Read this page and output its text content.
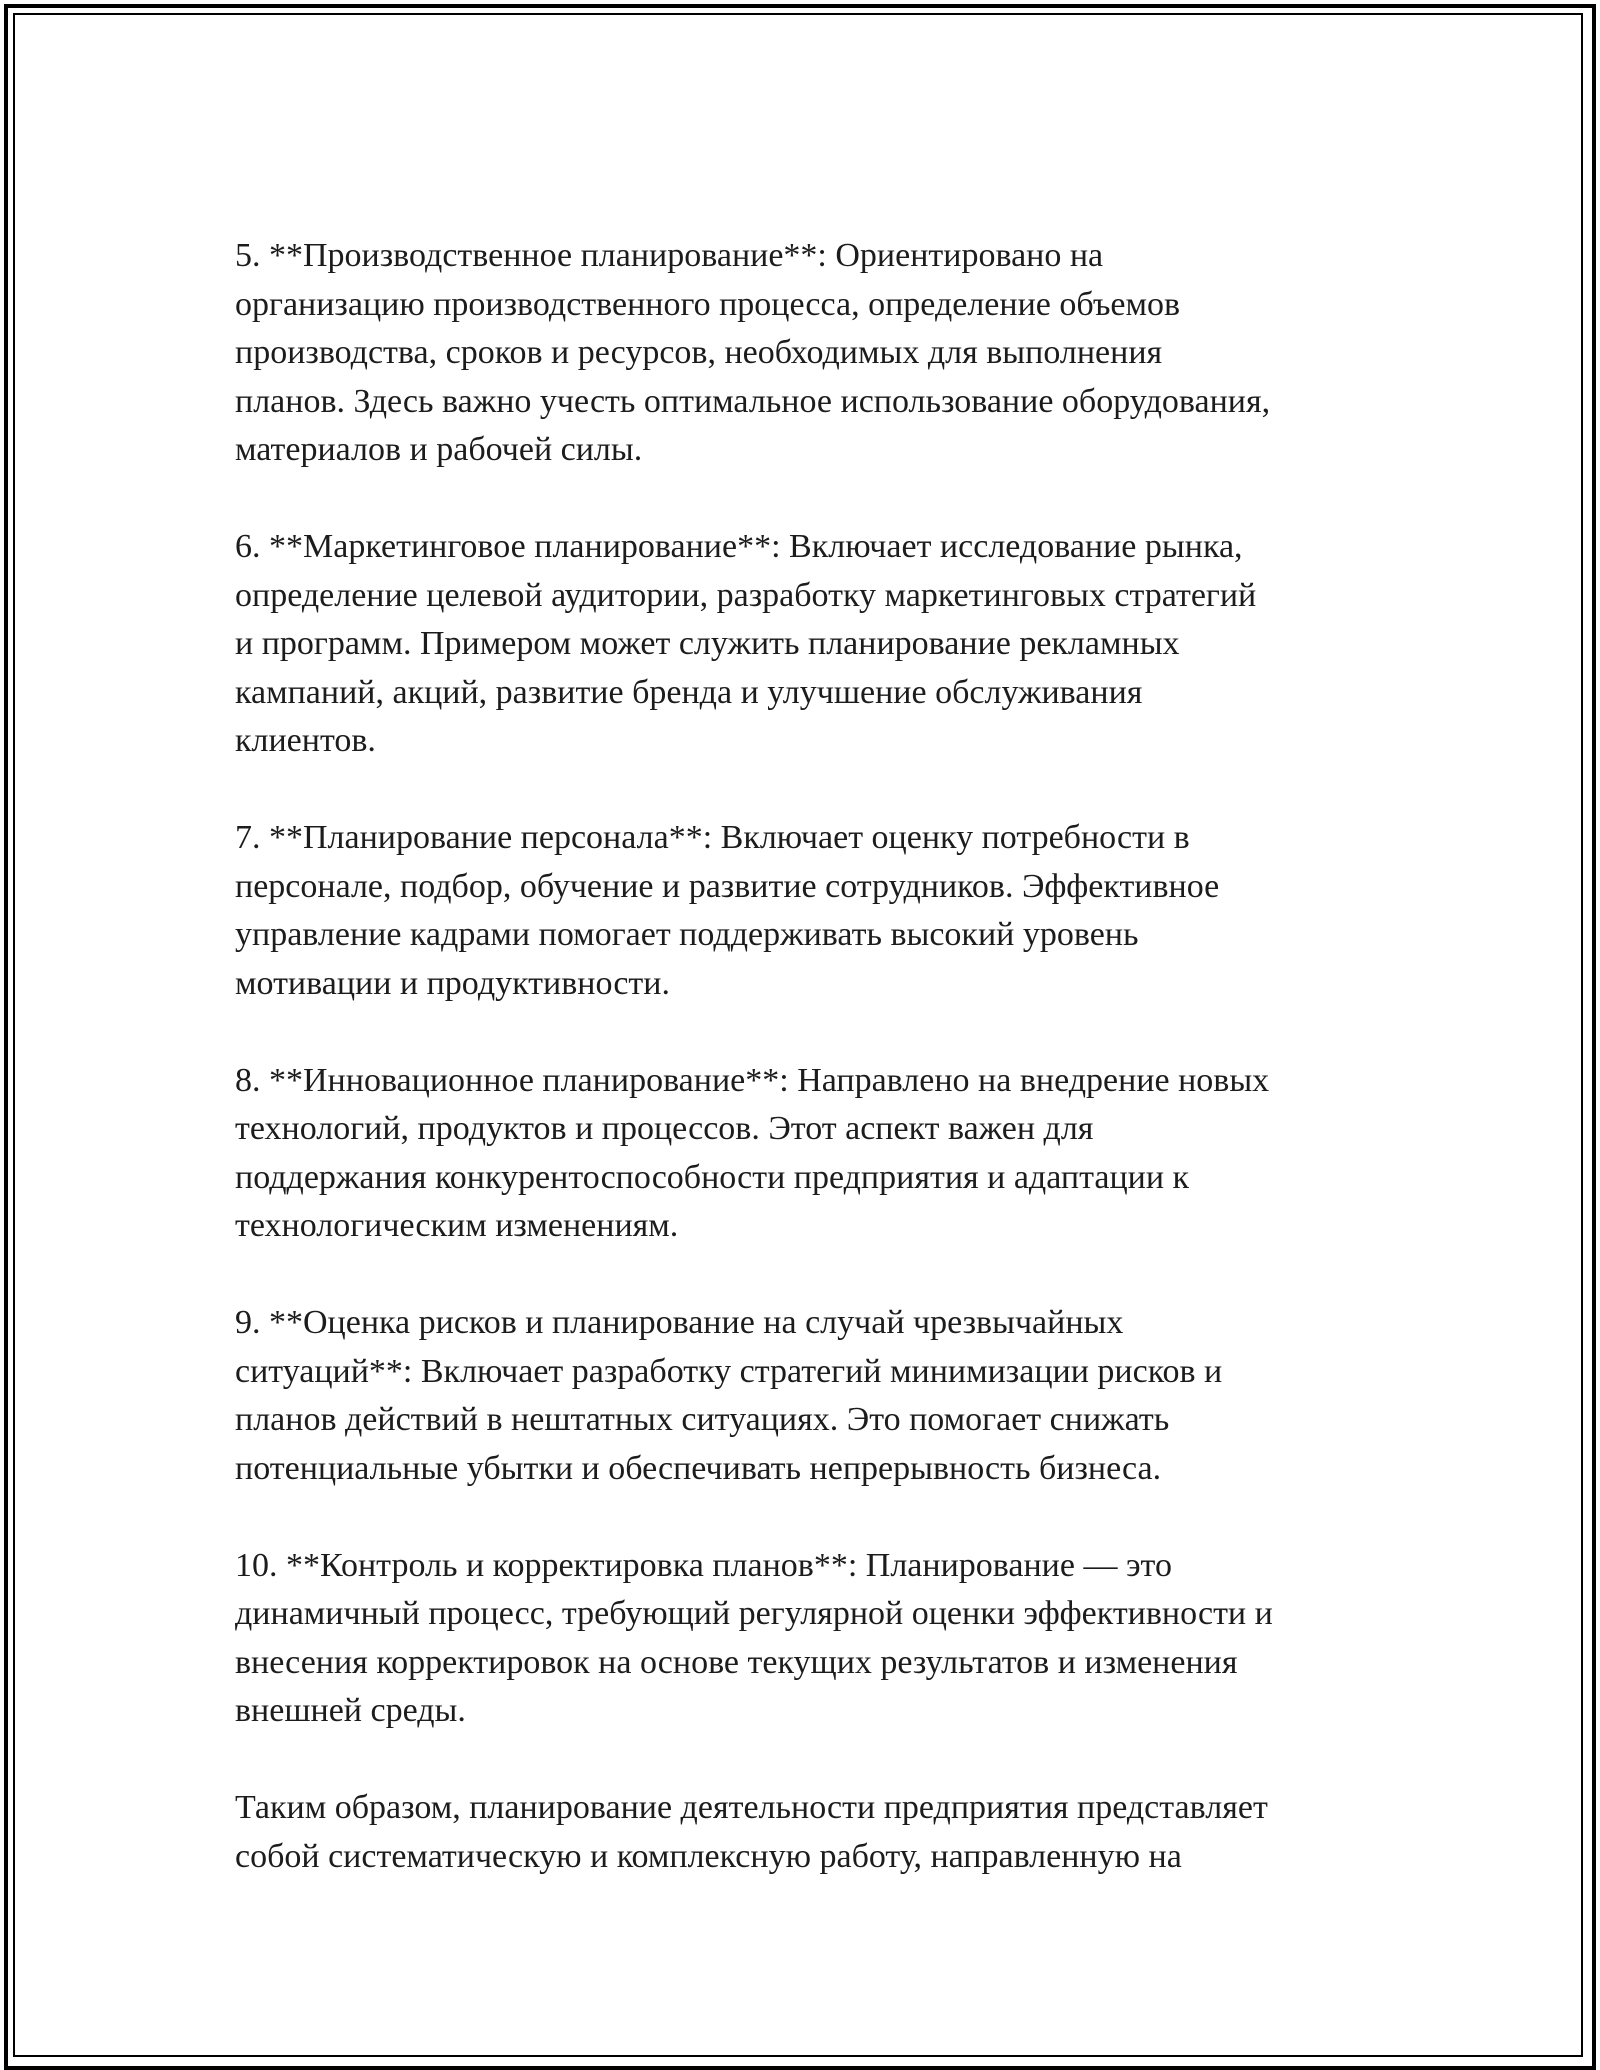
5. **Производственное планирование**: Ориентировано на
организацию производственного процесса, определение объемов
производства, сроков и ресурсов, необходимых для выполнения
планов. Здесь важно учесть оптимальное использование оборудования,
материалов и рабочей силы.

6. **Маркетинговое планирование**: Включает исследование рынка,
определение целевой аудитории, разработку маркетинговых стратегий
и программ. Примером может служить планирование рекламных
кампаний, акций, развитие бренда и улучшение обслуживания
клиентов.

7. **Планирование персонала**: Включает оценку потребности в
персонале, подбор, обучение и развитие сотрудников. Эффективное
управление кадрами помогает поддерживать высокий уровень
мотивации и продуктивности.

8. **Инновационное планирование**: Направлено на внедрение новых
технологий, продуктов и процессов. Этот аспект важен для
поддержания конкурентоспособности предприятия и адаптации к
технологическим изменениям.

9. **Оценка рисков и планирование на случай чрезвычайных
ситуаций**: Включает разработку стратегий минимизации рисков и
планов действий в нештатных ситуациях. Это помогает снижать
потенциальные убытки и обеспечивать непрерывность бизнеса.

10. **Контроль и корректировка планов**: Планирование — это
динамичный процесс, требующий регулярной оценки эффективности и
внесения корректировок на основе текущих результатов и изменения
внешней среды.

Таким образом, планирование деятельности предприятия представляет
собой систематическую и комплексную работу, направленную на
